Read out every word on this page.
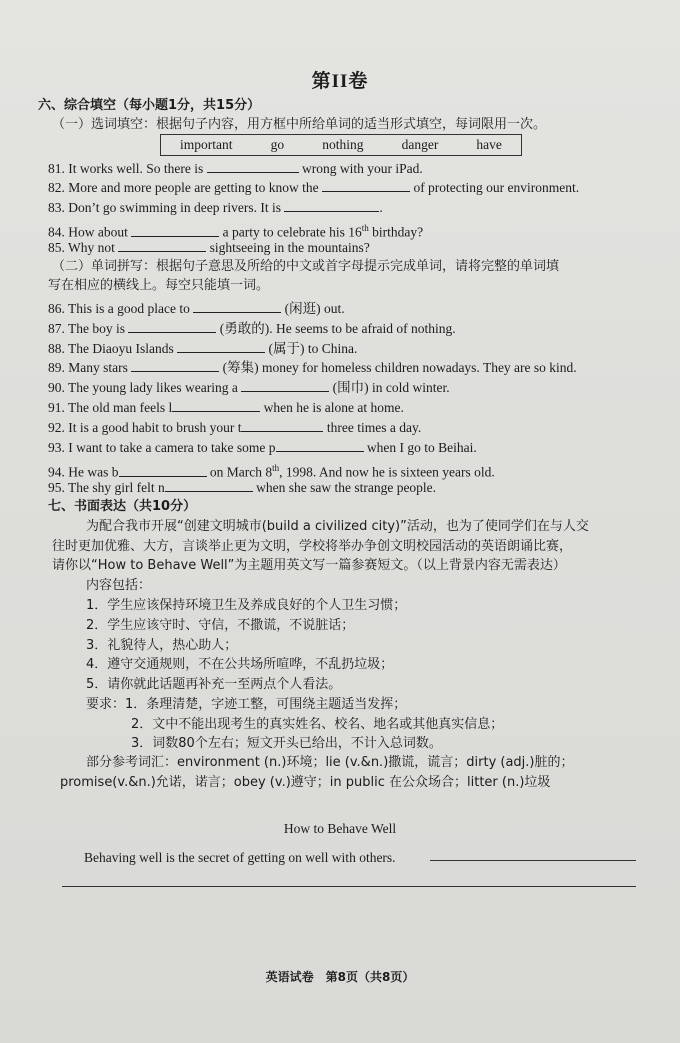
第II卷
六、综合填空（每小题1分，共15分）
（一）选词填空：根据句子内容，用方框中所给单词的适当形式填空，每词限用一次。
important	go	nothing	danger	have
81. It works well. So there is	wrong with your iPad.
82. More and more people are getting to know the	of protecting our environment.
83. Don’t go swimming in deep rivers. It is	.
84. How about	a party to celebrate his 16th birthday?
85. Why not	sightseeing in the mountains?
（二）单词拼写：根据句子意思及所给的中文或首字母提示完成单词，请将完整的单词填
写在相应的横线上。每空只能填一词。
86. This is a good place to	(闲逛) out.
87. The boy is	(勇敢的). He seems to be afraid of nothing.
88. The Diaoyu Islands	(属于) to China.
89. Many stars	(筹集) money for homeless children nowadays. They are so kind.
90. The young lady likes wearing a	(围巾) in cold winter.
91. The old man feels l	when he is alone at home.
92. It is a good habit to brush your t	three times a day.
93. I want to take a camera to take some p	when I go to Beihai.
94. He was b	on March 8th, 1998. And now he is sixteen years old.
95. The shy girl felt n	when she saw the strange people.
七、书面表达（共10分）
为配合我市开展“创建文明城市(build a civilized city)”活动，也为了使同学们在与人交
往时更加优雅、大方，言谈举止更为文明，学校将举办争创文明校园活动的英语朗诵比赛，
请你以“How to Behave Well”为主题用英文写一篇参赛短文。（以上背景内容无需表达）
内容包括：
1．学生应该保持环境卫生及养成良好的个人卫生习惯；
2．学生应该守时、守信，不撒谎，不说脏话；
3．礼貌待人，热心助人；
4．遵守交通规则，不在公共场所喧哗，不乱扔垃圾；
5．请你就此话题再补充一至两点个人看法。
要求：1．条理清楚，字迹工整，可围绕主题适当发挥；
2．文中不能出现考生的真实姓名、校名、地名或其他真实信息；
3．词数80个左右；短文开头已给出，不计入总词数。
部分参考词汇：environment (n.)环境；lie (v.&n.)撒谎，谎言；dirty (adj.)脏的；
promise(v.&n.)允诺，诺言；obey (v.)遵守；in public 在公众场合；litter (n.)垃圾
How to Behave Well
Behaving well is the secret of getting on well with others.
英语试卷　第8页（共8页）
